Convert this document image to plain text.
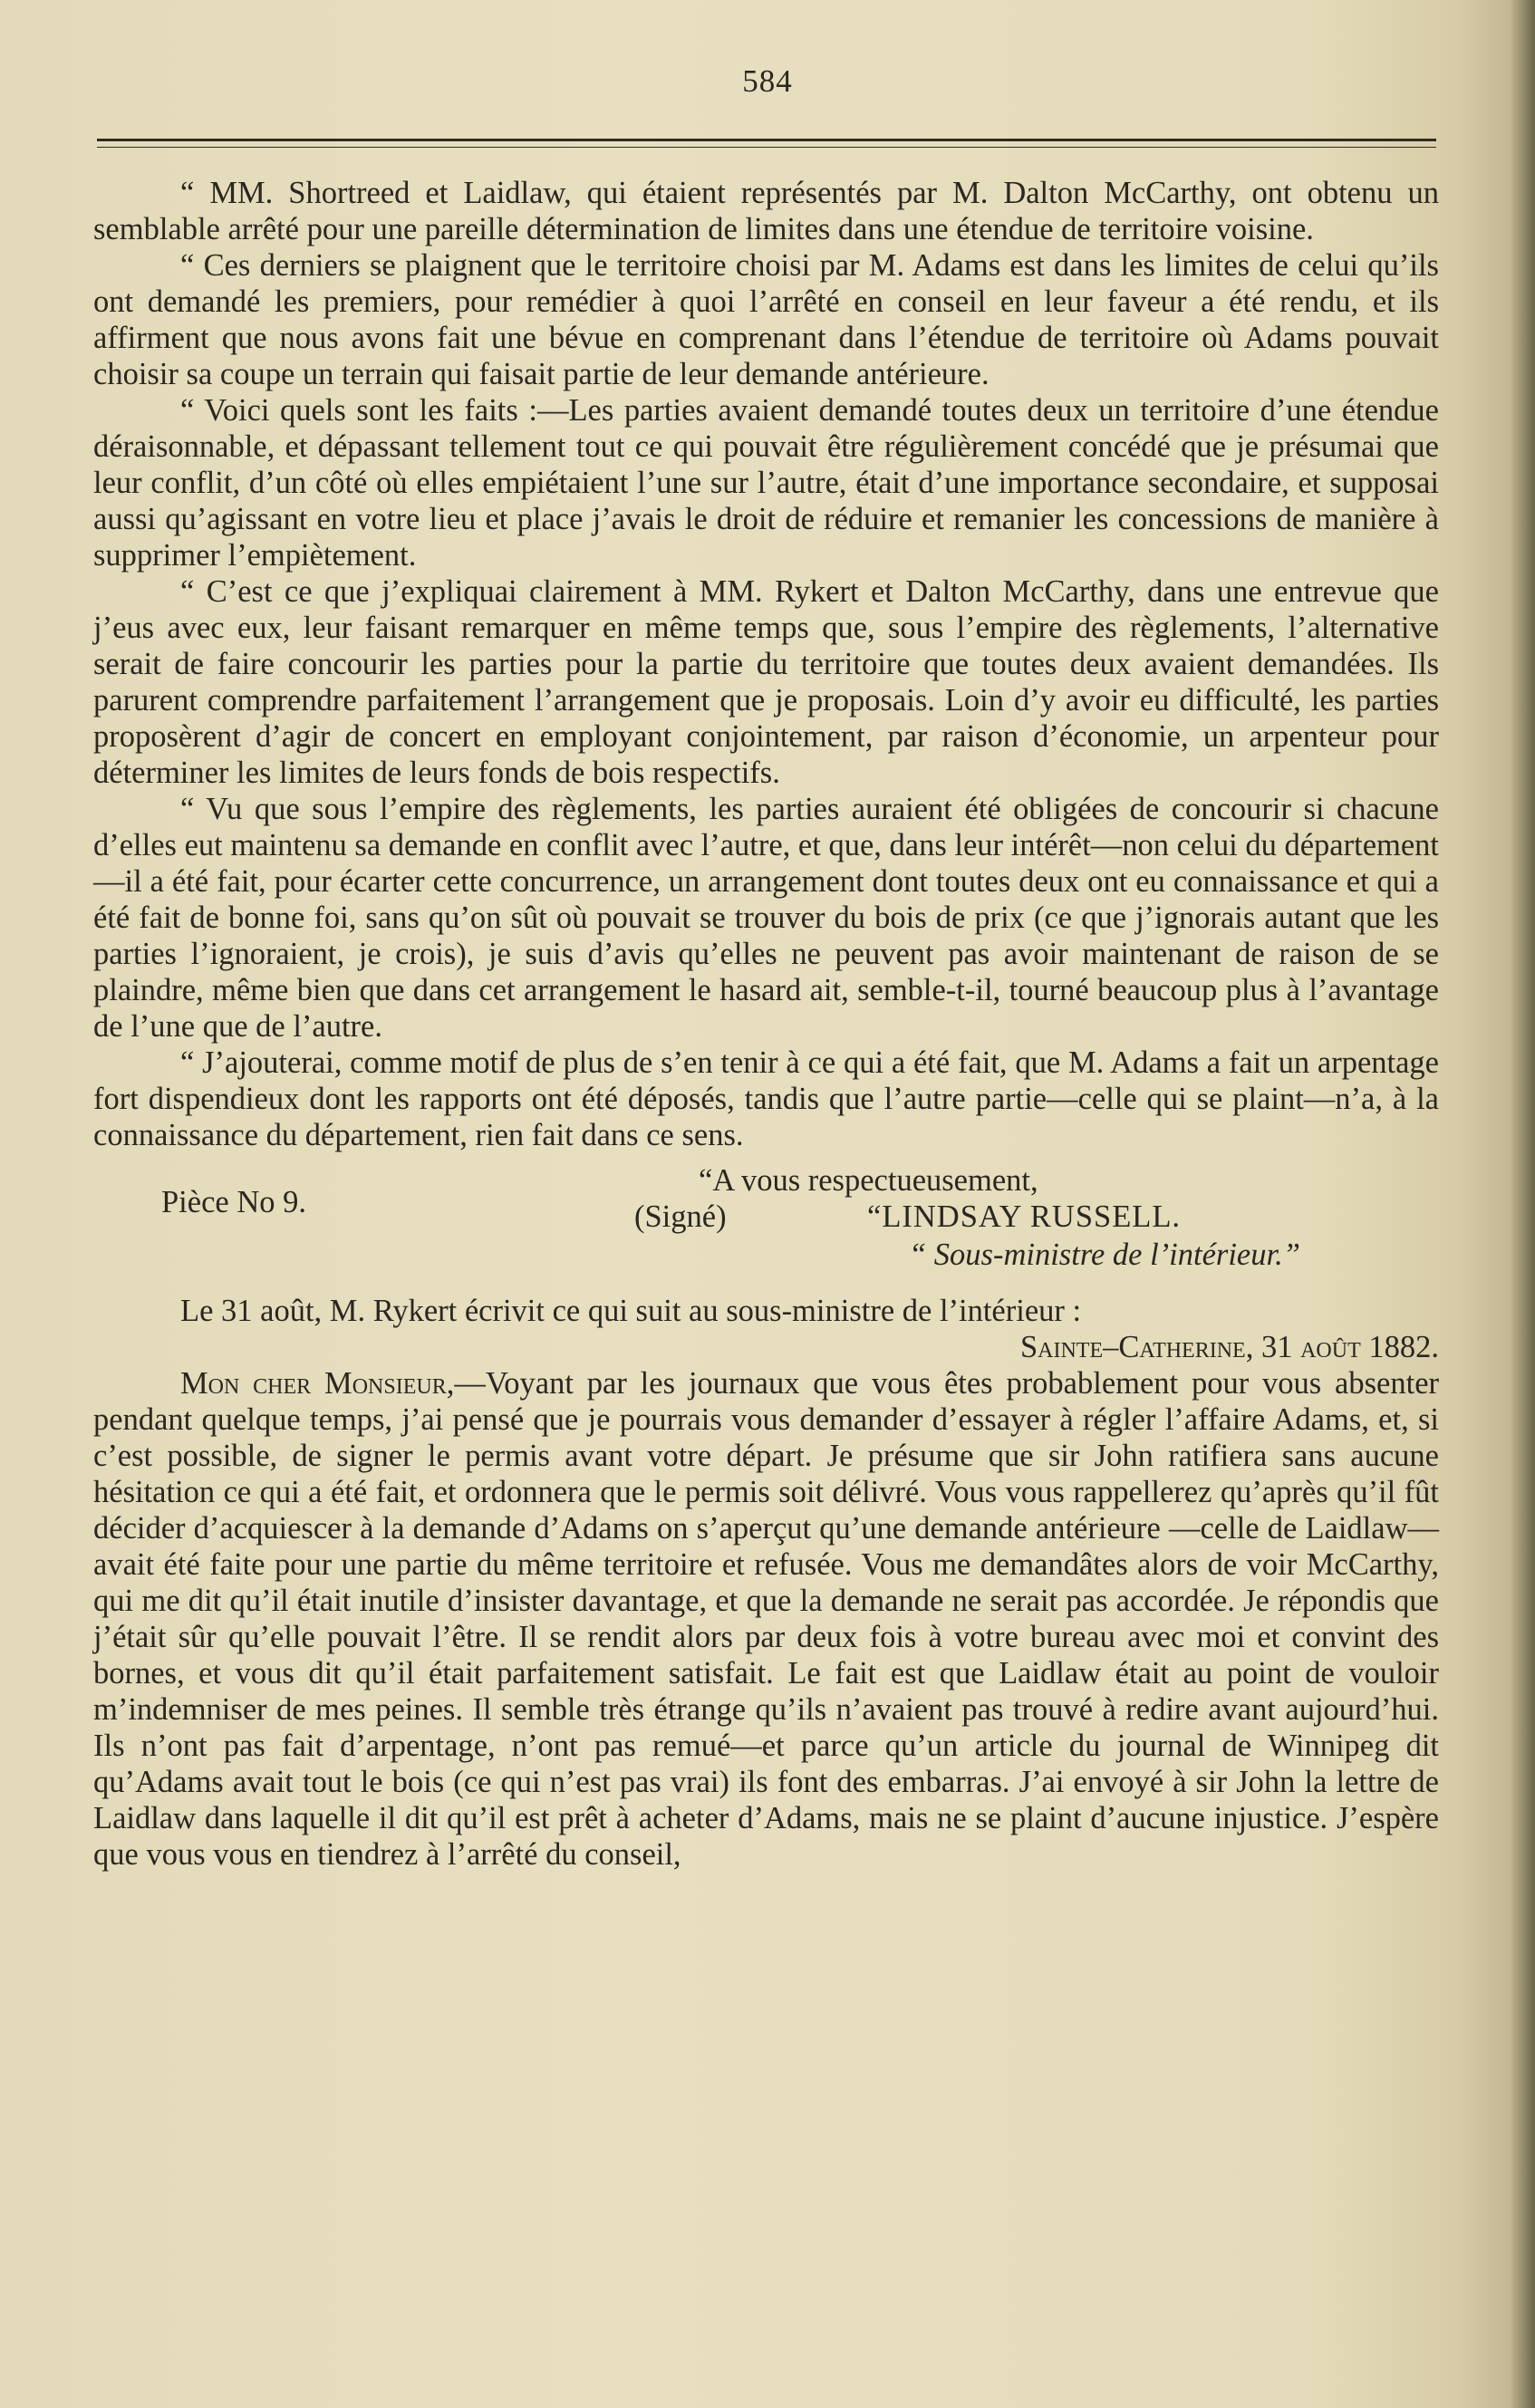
584

“ MM. Shortreed et Laidlaw, qui étaient représentés par M. Dalton McCarthy, ont obtenu un semblable arrêté pour une pareille détermination de limites dans une étendue de territoire voisine.

“ Ces derniers se plaignent que le territoire choisi par M. Adams est dans les limites de celui qu’ils ont demandé les premiers, pour remédier à quoi l’arrêté en conseil en leur faveur a été rendu, et ils affirment que nous avons fait une bévue en comprenant dans l’étendue de territoire où Adams pouvait choisir sa coupe un terrain qui faisait partie de leur demande antérieure.

“ Voici quels sont les faits :—Les parties avaient demandé toutes deux un territoire d’une étendue déraisonnable, et dépassant tellement tout ce qui pouvait être régulièrement concédé que je présumai que leur conflit, d’un côté où elles empiétaient l’une sur l’autre, était d’une importance secondaire, et supposai aussi qu’agissant en votre lieu et place j’avais le droit de réduire et remanier les concessions de manière à supprimer l’empiètement.

“ C’est ce que j’expliquai clairement à MM. Rykert et Dalton McCarthy, dans une entrevue que j’eus avec eux, leur faisant remarquer en même temps que, sous l’empire des règlements, l’alternative serait de faire concourir les parties pour la partie du territoire que toutes deux avaient demandées. Ils parurent comprendre parfaitement l’arrangement que je proposais. Loin d’y avoir eu difficulté, les parties proposèrent d’agir de concert en employant conjointement, par raison d’économie, un arpenteur pour déterminer les limites de leurs fonds de bois respectifs.

“ Vu que sous l’empire des règlements, les parties auraient été obligées de concourir si chacune d’elles eut maintenu sa demande en conflit avec l’autre, et que, dans leur intérêt—non celui du département—il a été fait, pour écarter cette concurrence, un arrangement dont toutes deux ont eu connaissance et qui a été fait de bonne foi, sans qu’on sût où pouvait se trouver du bois de prix (ce que j’ignorais autant que les parties l’ignoraient, je crois), je suis d’avis qu’elles ne peuvent pas avoir maintenant de raison de se plaindre, même bien que dans cet arrangement le hasard ait, semble-t-il, tourné beaucoup plus à l’avantage de l’une que de l’autre.

“ J’ajouterai, comme motif de plus de s’en tenir à ce qui a été fait, que M. Adams a fait un arpentage fort dispendieux dont les rapports ont été déposés, tandis que l’autre partie—celle qui se plaint—n’a, à la connaissance du département, rien fait dans ce sens.

“A vous respectueusement,
Pièce No 9.	(Signé)	“LINDSAY RUSSELL.
“ Sous-ministre de l’intérieur.”

Le 31 août, M. Rykert écrivit ce qui suit au sous-ministre de l’intérieur :

Sainte–Catherine, 31 août 1882.

Mon cher Monsieur,—Voyant par les journaux que vous êtes probablement pour vous absenter pendant quelque temps, j’ai pensé que je pourrais vous demander d’essayer à régler l’affaire Adams, et, si c’est possible, de signer le permis avant votre départ. Je présume que sir John ratifiera sans aucune hésitation ce qui a été fait, et ordonnera que le permis soit délivré. Vous vous rappellerez qu’après qu’il fût décider d’acquiescer à la demande d’Adams on s’aperçut qu’une demande antérieure —celle de Laidlaw—avait été faite pour une partie du même territoire et refusée. Vous me demandâtes alors de voir McCarthy, qui me dit qu’il était inutile d’insister davantage, et que la demande ne serait pas accordée. Je répondis que j’était sûr qu’elle pouvait l’être. Il se rendit alors par deux fois à votre bureau avec moi et convint des bornes, et vous dit qu’il était parfaitement satisfait. Le fait est que Laidlaw était au point de vouloir m’indemniser de mes peines. Il semble très étrange qu’ils n’avaient pas trouvé à redire avant aujourd’hui. Ils n’ont pas fait d’arpentage, n’ont pas remué—et parce qu’un article du journal de Winnipeg dit qu’Adams avait tout le bois (ce qui n’est pas vrai) ils font des embarras. J’ai envoyé à sir John la lettre de Laidlaw dans laquelle il dit qu’il est prêt à acheter d’Adams, mais ne se plaint d’aucune injustice. J’espère que vous vous en tiendrez à l’arrêté du conseil,
